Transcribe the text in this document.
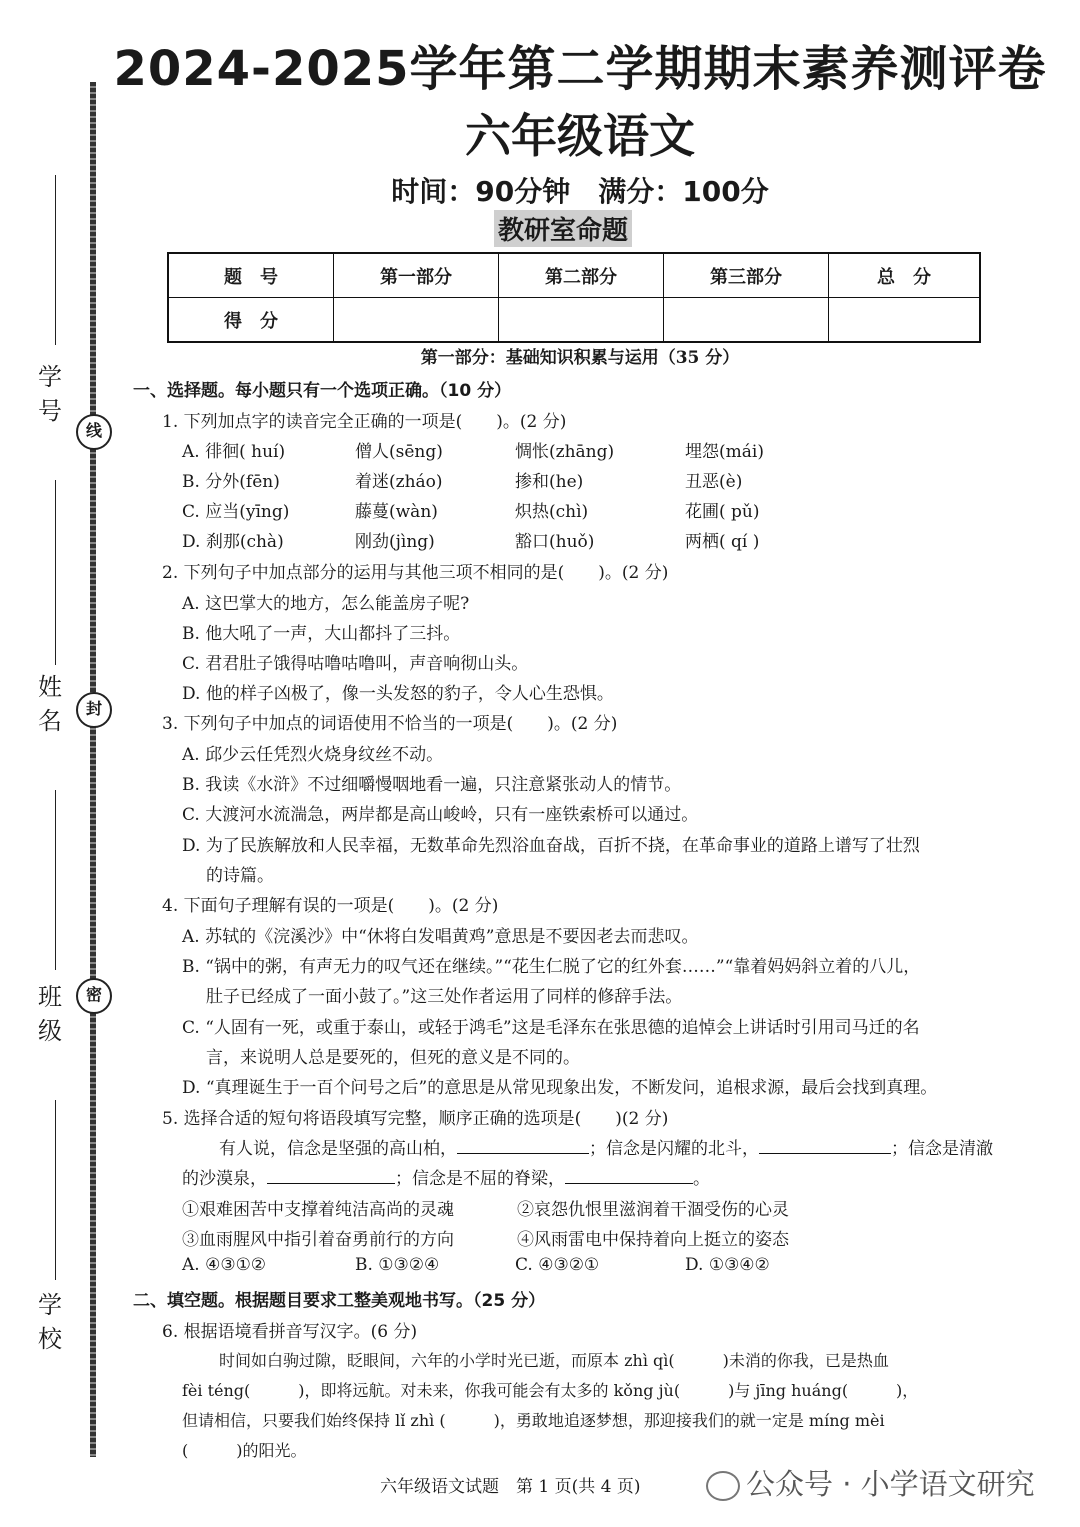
线
封
密
学号
姓名
班级
学校
2024-2025学年第二学期期末素养测评卷
六年级语文
时间：90分钟　满分：100分
教研室命题
题　号	第一部分	第二部分	第三部分	总　分
得　分				
第一部分：基础知识积累与运用（35 分）
一、选择题。每小题只有一个选项正确。（10 分）
1. 下列加点字的读音完全正确的一项是(　　)。(2 分)
A. 徘徊( huí)	僧人(sēng)	惆怅(zhāng)	埋怨(mái)
B. 分外(fēn)	着迷(zháo)	掺和(he)	丑恶(è)
C. 应当(yīng)	藤蔓(wàn)	炽热(chì)	花圃( pǔ)
D. 刹那(chà)	刚劲(jìng)	豁口(huǒ)	两栖( qí )
2. 下列句子中加点部分的运用与其他三项不相同的是(　　)。(2 分)
A. 这巴掌大的地方，怎么能盖房子呢?
B. 他大吼了一声，大山都抖了三抖。
C. 君君肚子饿得咕噜咕噜叫，声音响彻山头。
D. 他的样子凶极了，像一头发怒的豹子，令人心生恐惧。
3. 下列句子中加点的词语使用不恰当的一项是(　　)。(2 分)
A. 邱少云任凭烈火烧身纹丝不动。
B. 我读《水浒》不过细嚼慢咽地看一遍，只注意紧张动人的情节。
C. 大渡河水流湍急，两岸都是高山峻岭，只有一座铁索桥可以通过。
D. 为了民族解放和人民幸福，无数革命先烈浴血奋战，百折不挠，在革命事业的道路上谱写了壮烈
的诗篇。
4. 下面句子理解有误的一项是(　　)。(2 分)
A. 苏轼的《浣溪沙》中“休将白发唱黄鸡”意思是不要因老去而悲叹。
B. “锅中的粥，有声无力的叹气还在继续。”“花生仁脱了它的红外套……”“靠着妈妈斜立着的八儿，
肚子已经成了一面小鼓了。”这三处作者运用了同样的修辞手法。
C. “人固有一死，或重于泰山，或轻于鸿毛”这是毛泽东在张思德的追悼会上讲话时引用司马迁的名
言，来说明人总是要死的，但死的意义是不同的。
D. “真理诞生于一百个问号之后”的意思是从常见现象出发，不断发问，追根求源，最后会找到真理。
5. 选择合适的短句将语段填写完整，顺序正确的选项是(　　)(2 分)
有人说，信念是坚强的高山柏，	；信念是闪耀的北斗，	；信念是清澈
的沙漠泉，	；信念是不屈的脊梁，	。
①艰难困苦中支撑着纯洁高尚的灵魂	②哀怨仇恨里滋润着干涸受伤的心灵
③血雨腥风中指引着奋勇前行的方向	④风雨雷电中保持着向上挺立的姿态
A. ④③①②	B. ①③②④	C. ④③②①	D. ①③④②
二、填空题。根据题目要求工整美观地书写。（25 分）
6. 根据语境看拼音写汉字。(6 分)
时间如白驹过隙，眨眼间，六年的小学时光已逝，而原本 zhì qì(　　　)未消的你我，已是热血
fèi téng(　　　)，即将远航。对未来，你我可能会有太多的 kǒng jù(　　　)与 jīng huáng(　　　)，
但请相信，只要我们始终保持 lǐ zhì (　　　)，勇敢地追逐梦想，那迎接我们的就一定是 míng mèi
(　　　)的阳光。
六年级语文试题　第 1 页(共 4 页)	公众号 · 小学语文研究
